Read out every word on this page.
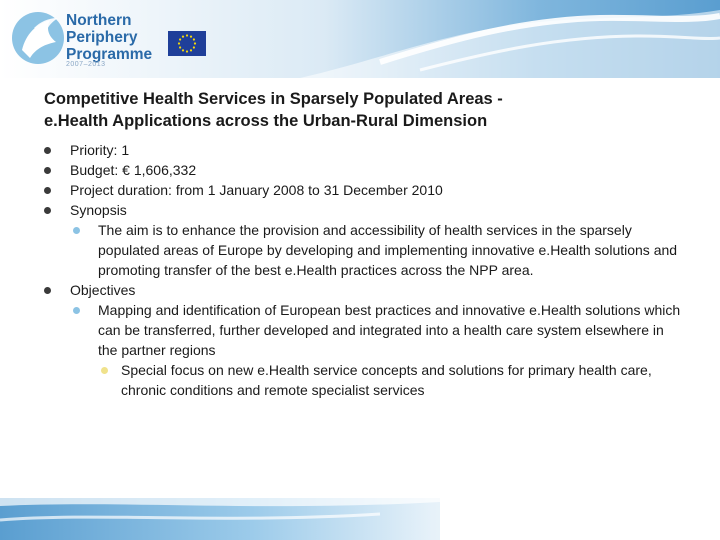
Northern
Periphery
Programme
2007–2013
Competitive Health Services in Sparsely Populated Areas -
e.Health Applications across the Urban-Rural Dimension
Priority: 1
Budget: € 1,606,332
Project duration: from 1 January 2008 to 31 December 2010
Synopsis
The aim is to enhance the provision and accessibility of health services in the sparsely populated areas of Europe by developing and implementing innovative e.Health solutions and promoting transfer of the best e.Health practices across the NPP area.
Objectives
Mapping and identification of European best practices and innovative e.Health solutions which can be transferred, further developed and integrated into a health care system elsewhere in the partner regions
Special focus on new e.Health service concepts and solutions for primary health care, chronic conditions and remote specialist services
